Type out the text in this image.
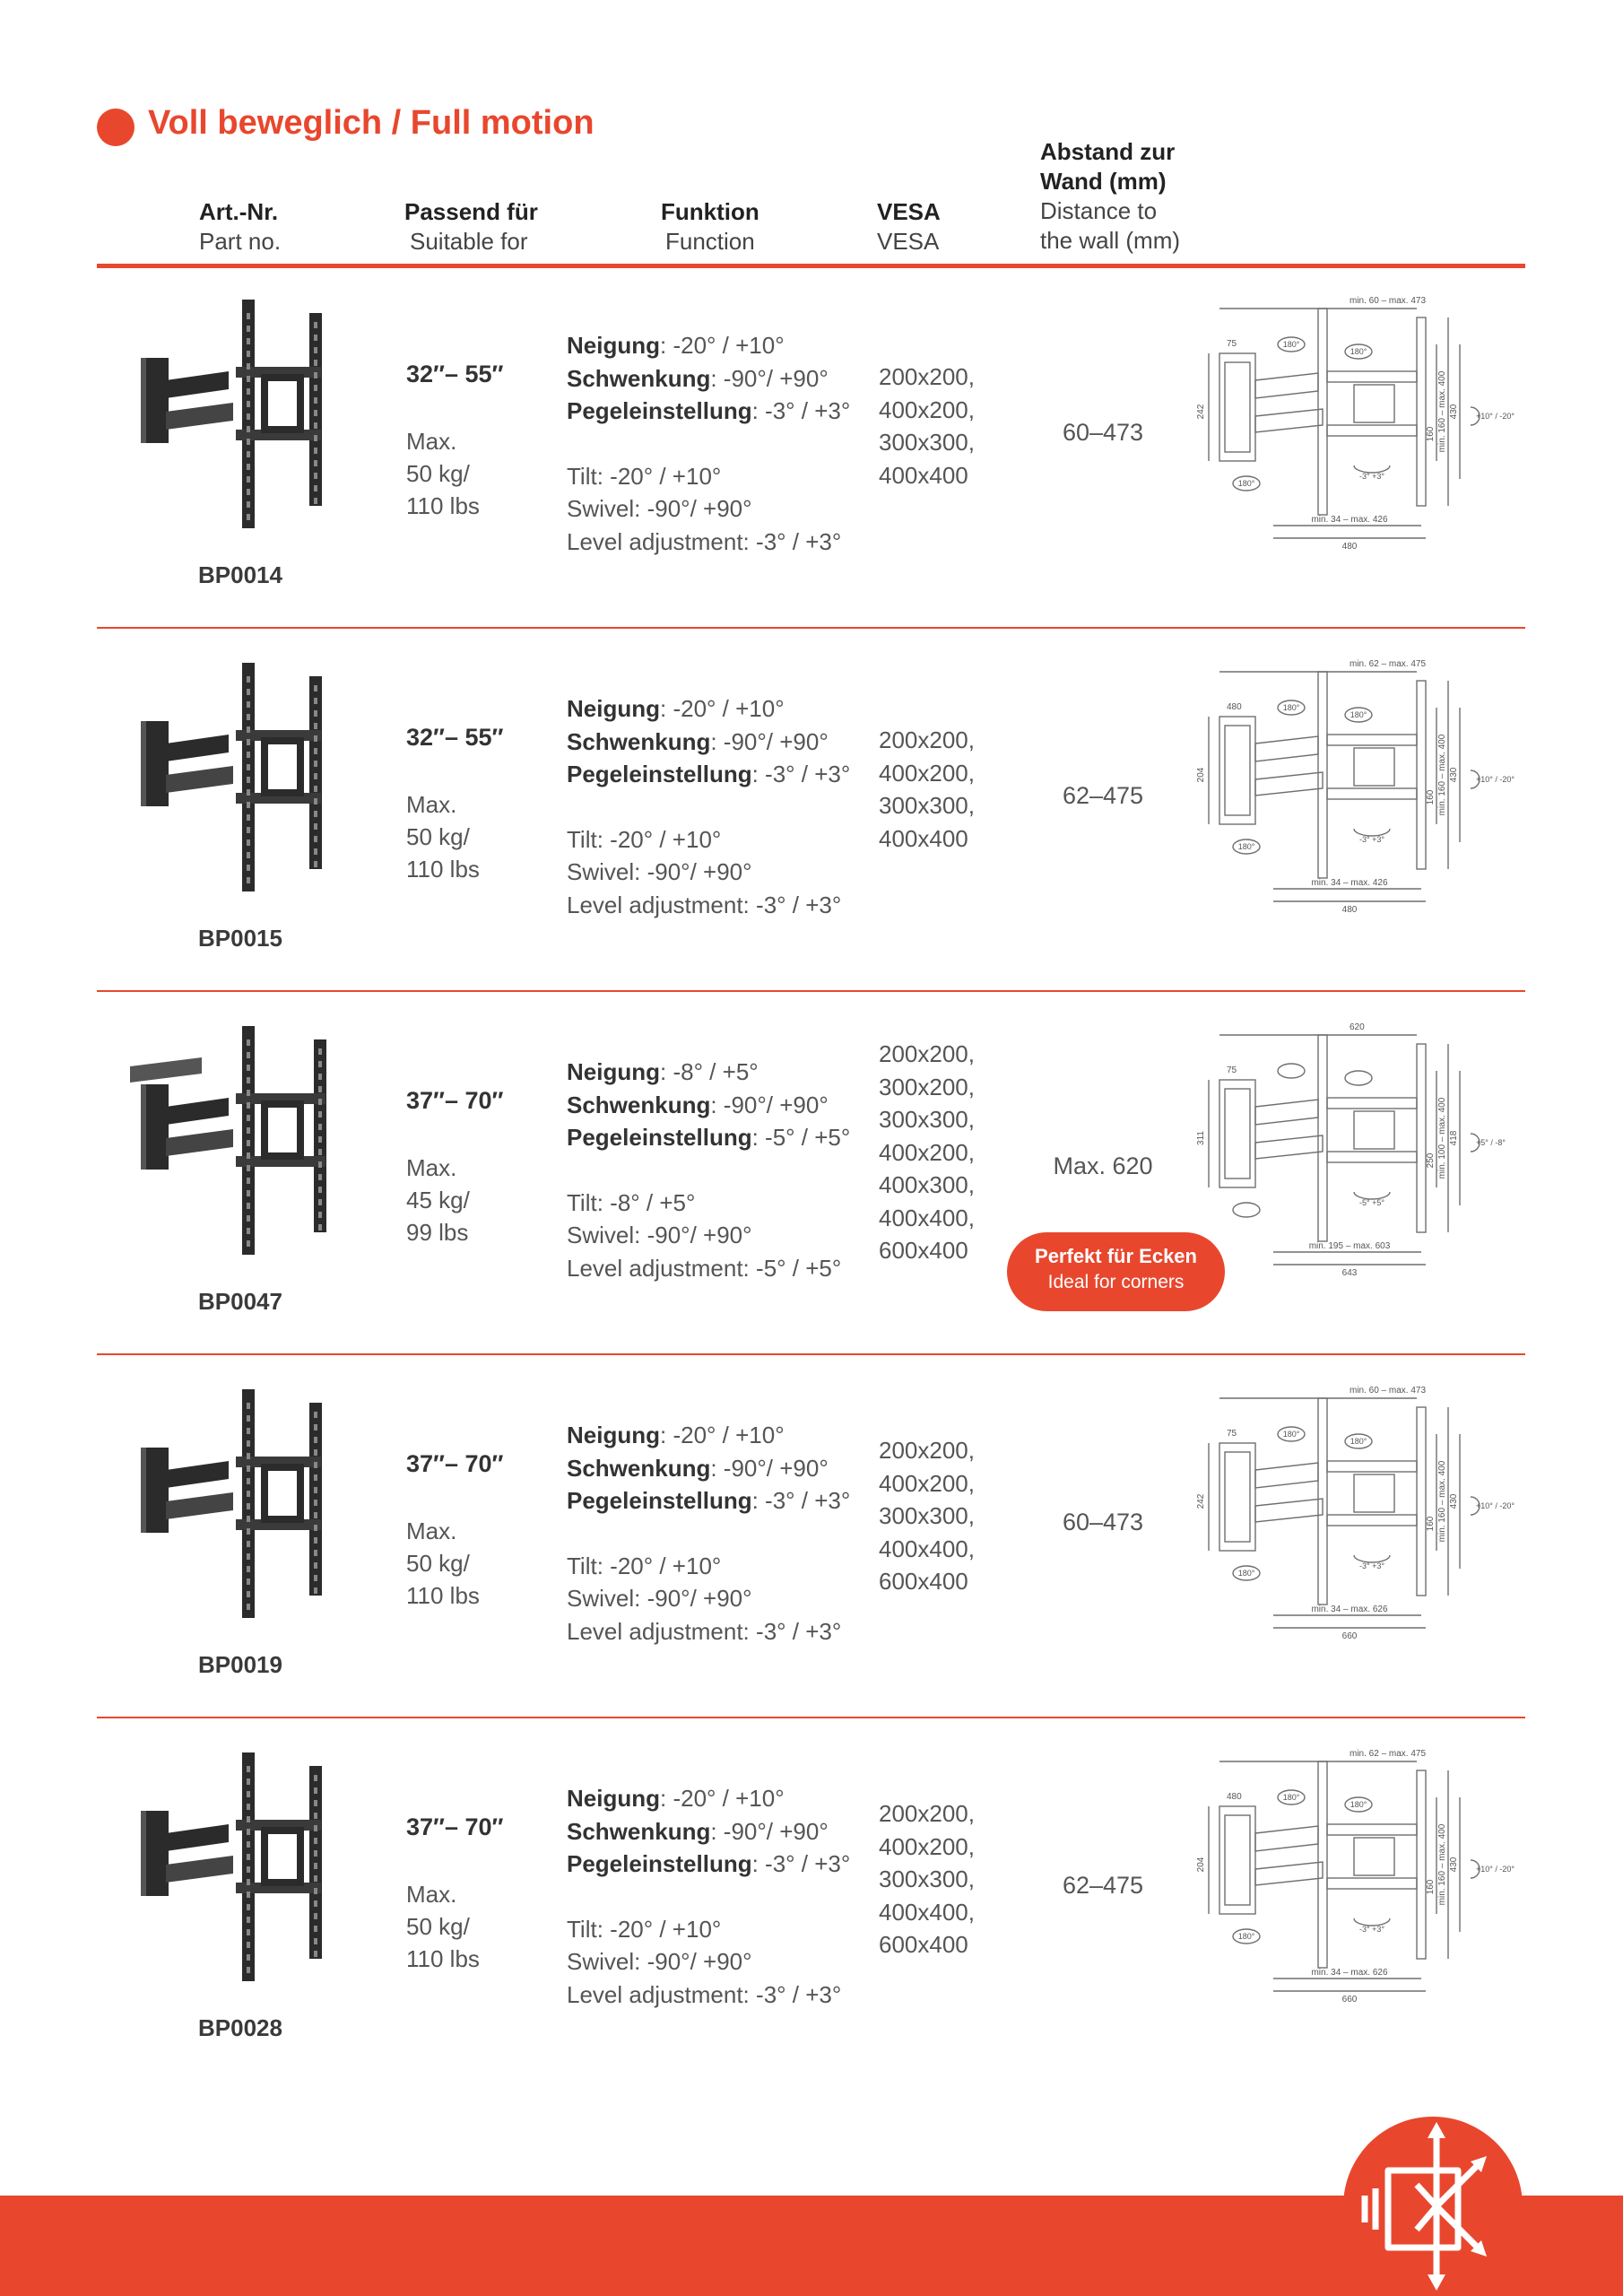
Voll beweglich / Full motion
Art.-Nr.
Part no.
Passend für
Suitable for
Funktion
Function
VESA
VESA
Abstand zur
Wand (mm)
Distance to
the wall (mm)
BP0014
32″– 55″
Max.
50 kg/
110 lbs
Neigung: -20° / +10°
Schwenkung: -90°/ +90°
Pegeleinstellung: -3° / +3°
Tilt: -20° / +10°
Swivel: -90°/ +90°
Level adjustment: -3° / +3°
200x200,
400x200,
300x300,
400x400
60–473
min. 60 – max. 473
min. 34 – max. 426
480
242
75
160 min. 160 – max. 400 430 +10° / -20°
180°
180°
180°
-3° +3°
BP0015
32″– 55″
Max.
50 kg/
110 lbs
Neigung: -20° / +10°
Schwenkung: -90°/ +90°
Pegeleinstellung: -3° / +3°
Tilt: -20° / +10°
Swivel: -90°/ +90°
Level adjustment: -3° / +3°
200x200,
400x200,
300x300,
400x400
62–475
min. 62 – max. 475
min. 34 – max. 426
480
204
480
160 min. 160 – max. 400 430 +10° / -20°
180°
180°
180°
-3° +3°
BP0047
37″– 70″
Max.
45 kg/
99 lbs
Neigung: -8° / +5°
Schwenkung: -90°/ +90°
Pegeleinstellung: -5° / +5°
Tilt: -8° / +5°
Swivel: -90°/ +90°
Level adjustment: -5° / +5°
200x200,
300x200,
300x300,
400x200,
400x300,
400x400,
600x400
Max. 620
Perfekt für Ecken
Ideal for corners
620
min. 195 – max. 603
643
311
75
250 min. 100 – max. 400 418 +5° / -8°
-5° +5°
BP0019
37″– 70″
Max.
50 kg/
110 lbs
Neigung: -20° / +10°
Schwenkung: -90°/ +90°
Pegeleinstellung: -3° / +3°
Tilt: -20° / +10°
Swivel: -90°/ +90°
Level adjustment: -3° / +3°
200x200,
400x200,
300x300,
400x400,
600x400
60–473
min. 60 – max. 473
min. 34 – max. 626
660
242
75
160 min. 160 – max. 400 430 +10° / -20°
180°
180°
180°
-3° +3°
BP0028
37″– 70″
Max.
50 kg/
110 lbs
Neigung: -20° / +10°
Schwenkung: -90°/ +90°
Pegeleinstellung: -3° / +3°
Tilt: -20° / +10°
Swivel: -90°/ +90°
Level adjustment: -3° / +3°
200x200,
400x200,
300x300,
400x400,
600x400
62–475
min. 62 – max. 475
min. 34 – max. 626
660
204
480
160 min. 160 – max. 400 430 +10° / -20°
180°
180°
180°
-3° +3°
